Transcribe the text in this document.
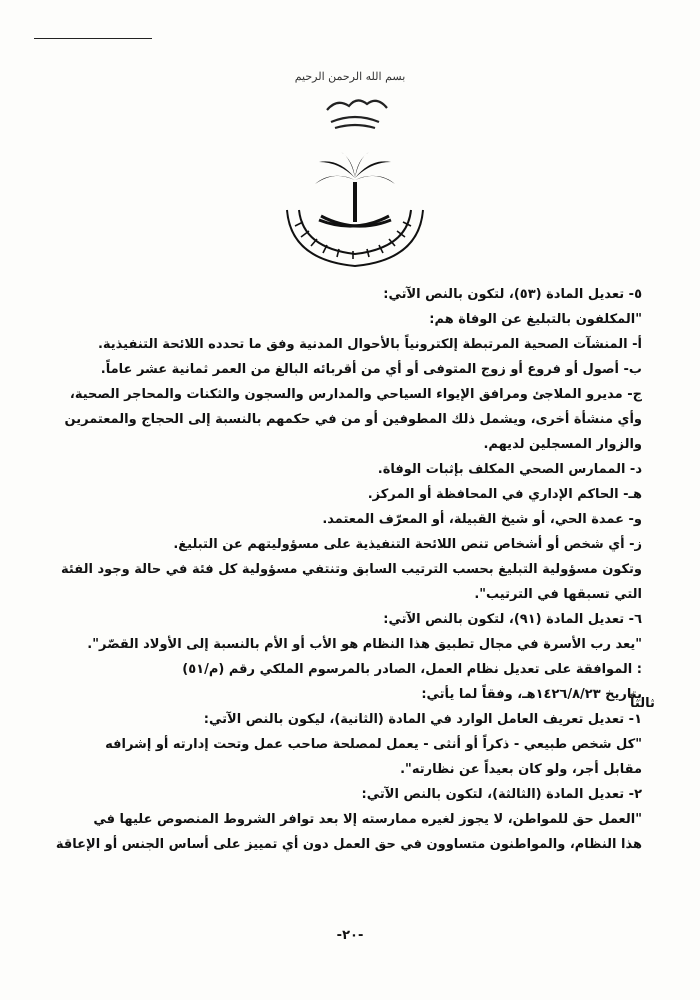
بسم الله الرحمن الرحيم
٥- تعديل المادة (٥٣)، لتكون بالنص الآتي:
"المكلفون بالتبليغ عن الوفاة هم:
أ- المنشآت الصحية المرتبطة إلكترونياً بالأحوال المدنية وفق ما تحدده اللائحة التنفيذية.
ب- أصول أو فروع أو زوج المتوفى أو أي من أقربائه البالغ من العمر ثمانية عشر عاماً.
ج- مديرو الملاجئ ومرافق الإيواء السياحي والمدارس والسجون والثكنات والمحاجر الصحية،
وأي منشأة أخرى، ويشمل ذلك المطوفين أو من في حكمهم بالنسبة إلى الحجاج والمعتمرين
والزوار المسجلين لديهم.
د- الممارس الصحي المكلف بإثبات الوفاة.
هـ- الحاكم الإداري في المحافظة أو المركز.
و- عمدة الحي، أو شيخ القبيلة، أو المعرّف المعتمد.
ز- أي شخص أو أشخاص تنص اللائحة التنفيذية على مسؤوليتهم عن التبليغ.
وتكون مسؤولية التبليغ بحسب الترتيب السابق وتنتفي مسؤولية كل فئة في حالة وجود الفئة
التي تسبقها في الترتيب".
٦- تعديل المادة (٩١)، لتكون بالنص الآتي:
"يعد رب الأسرة في مجال تطبيق هذا النظام هو الأب أو الأم بالنسبة إلى الأولاد القصّر".
: الموافقة على تعديل نظام العمل، الصادر بالمرسوم الملكي رقم (م/٥١)
بتاريخ ١٤٢٦/٨/٢٣هـ، وفقاً لما يأتي:
١- تعديل تعريف العامل الوارد في المادة (الثانية)، ليكون بالنص الآتي:
"كل شخص طبيعي - ذكراً أو أنثى - يعمل لمصلحة صاحب عمل وتحت إدارته أو إشرافه
مقابل أجر، ولو كان بعيداً عن نظارته".
٢- تعديل المادة (الثالثة)، لتكون بالنص الآتي:
"العمل حق للمواطن، لا يجوز لغيره ممارسته إلا بعد توافر الشروط المنصوص عليها في
هذا النظام، والمواطنون متساوون في حق العمل دون أي تمييز على أساس الجنس أو الإعاقة
ثالثاً
-٢٠-
